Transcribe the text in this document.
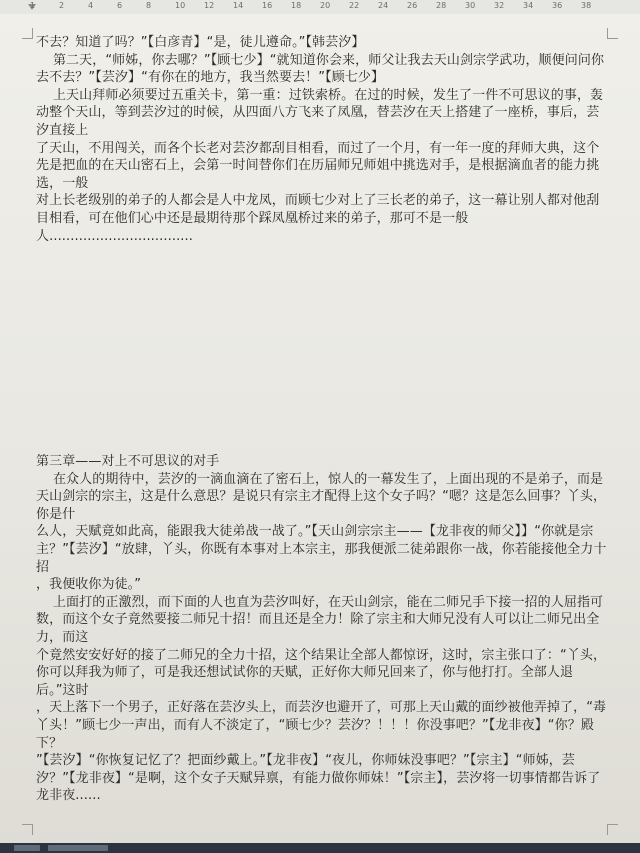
1	2	4	6	8	10 12 14 16 18 20 22 24 26 28 30 32 34 36 38

不去？知道了吗？”【白彦青】“是，徒儿遵命。”【韩芸汐】

第二天，“师姊，你去哪？”【顾七少】“就知道你会来，师父让我去天山剑宗学武功，顺便问问你去不去？”【芸汐】“有你在的地方，我当然要去！”【顾七少】

上天山拜师必须要过五重关卡，第一重：过铁索桥。在过的时候，发生了一件不可思议的事，轰动整个天山，等到芸汐过的时候，从四面八方飞来了凤凰，替芸汐在天上搭建了一座桥，事后，芸汐直接上

了天山，不用闯关，而各个长老对芸汐都刮目相看，而过了一个月，有一年一度的拜师大典，这个先是把血的在天山密石上，会第一时间替你们在历届师兄师姐中挑选对手，是根据滴血者的能力挑选，一般

对上长老级别的弟子的人都会是人中龙凤，而顾七少对上了三长老的弟子，这一幕让别人都对他刮目相看，可在他们心中还是最期待那个踩凤凰桥过来的弟子，那可不是一般人..................................

第三章——对上不可思议的对手

在众人的期待中，芸汐的一滴血滴在了密石上，惊人的一幕发生了，上面出现的不是弟子，而是天山剑宗的宗主，这是什么意思？是说只有宗主才配得上这个女子吗？“嗯？这是怎么回事？丫头，你是什

么人，天赋竟如此高，能跟我大徒弟战一战了。”【天山剑宗宗主——【龙非夜的师父】】“你就是宗主？”【芸汐】“放肆，丫头，你既有本事对上本宗主，那我便派二徒弟跟你一战，你若能接他全力十招

，我便收你为徒。”

上面打的正激烈，而下面的人也直为芸汐叫好，在天山剑宗，能在二师兄手下接一招的人屈指可数，而这个女子竟然要接二师兄十招！而且还是全力！除了宗主和大师兄没有人可以让二师兄出全力，而这

个竟然安安好好的接了二师兄的全力十招，这个结果让全部人都惊讶，这时，宗主张口了：“丫头，你可以拜我为师了，可是我还想试试你的天赋，正好你大师兄回来了，你与他打打。全部人退后。”这时

，天上落下一个男子，正好落在芸汐头上，而芸汐也避开了，可那上天山戴的面纱被他弄掉了，“毒丫头！”顾七少一声出，而有人不淡定了，“顾七少？芸汐？！！！你没事吧？”【龙非夜】“你？殿下？

”【芸汐】“你恢复记忆了？把面纱戴上。”【龙非夜】“夜儿，你师妹没事吧？”【宗主】“师姊，芸汐？”【龙非夜】“是啊，这个女子天赋异禀，有能力做你师妹！”【宗主】，芸汐将一切事情都告诉了

龙非夜......
